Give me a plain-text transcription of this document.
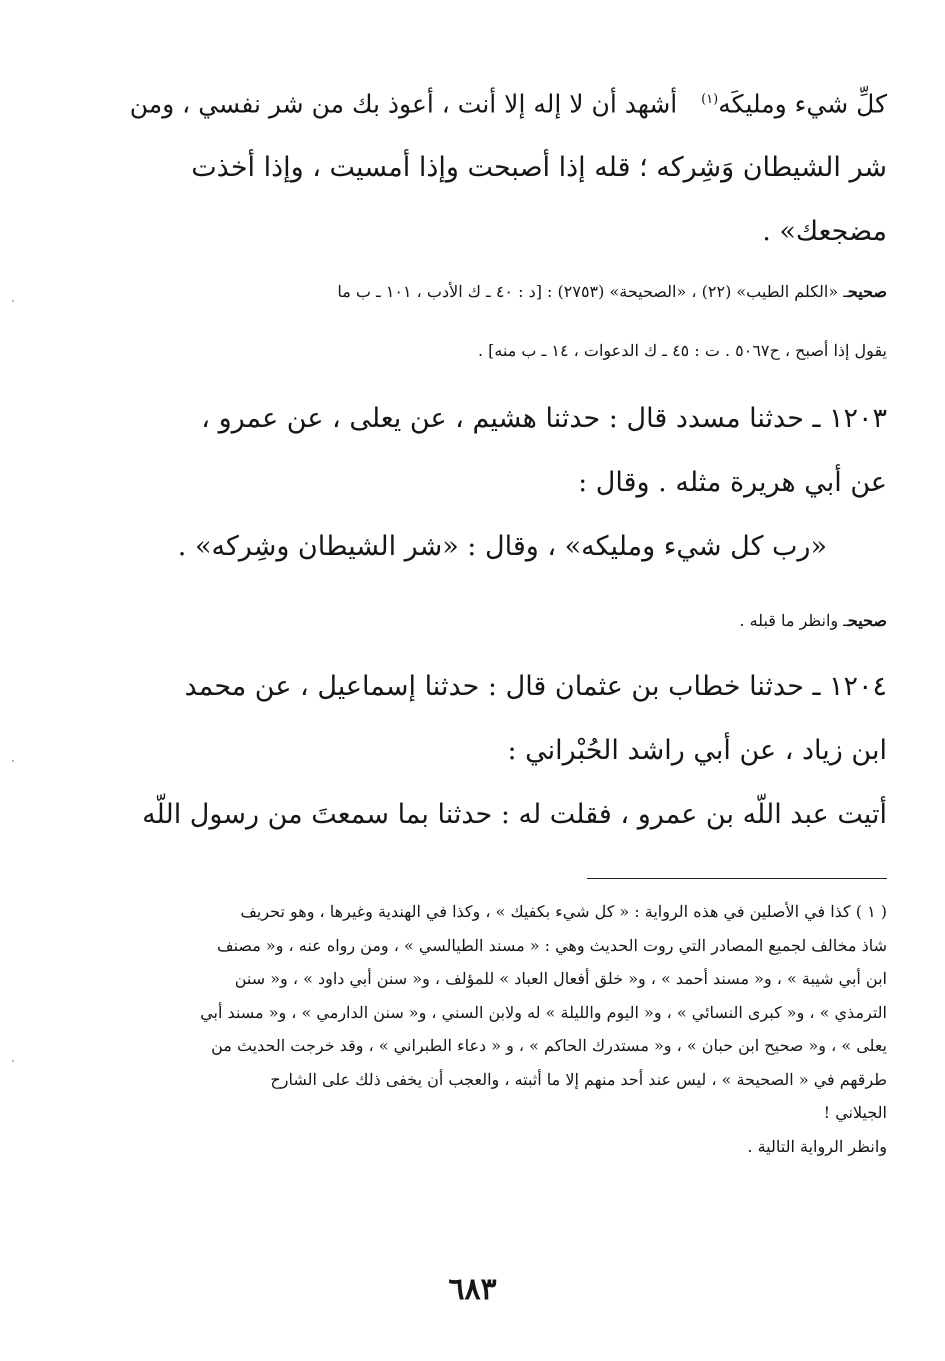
كلِّ شيء ومليكَه$^{(١)}$   أشهد أن لا إله إلا أنت ، أعوذ بك من شر نفسي ، ومن
شر الشيطان وَشِركه ؛ قله إذا أصبحت وإذا أمسيت ، وإذا أخذت
مضجعك» .
صحيحـ «الكلم الطيب» (٢٢) ، «الصحيحة» (٢٧٥٣) : [د : ٤٠ ـ ك الأدب ، ١٠١ ـ ب ما
يقول إذا أصبح ، ح٥٠٦٧ . ت : ٤٥ ـ ك الدعوات ، ١٤ ـ ب منه] .
١٢٠٣ ـ حدثنا مسدد قال : حدثنا هشيم ، عن يعلى ، عن عمرو ،
عن أبي هريرة مثله . وقال :
«رب كل شيء ومليكه» ، وقال : «شر الشيطان وشِركه» .
صحيحـ وانظر ما قبله .
١٢٠٤ ـ حدثنا خطاب بن عثمان قال : حدثنا إسماعيل ، عن محمد
ابن زياد ، عن أبي راشد الحُبْراني :
أتيت عبد اللّه بن عمرو ، فقلت له : حدثنا بما سمعتَ من رسول اللّه
( ١ ) كذا في الأصلين في هذه الرواية : « كل شيء بكفيك » ، وكذا في الهندية وغيرها ، وهو تحريف
شاذ مخالف لجميع المصادر التي روت الحديث وهي : « مسند الطيالسي » ، ومن رواه عنه ، و« مصنف
ابن أبي شيبة » ، و« مسند أحمد » ، و« خلق أفعال العباد » للمؤلف ، و« سنن أبي داود » ، و« سنن
الترمذي » ، و« كبرى النسائي » ، و« اليوم والليلة » له ولابن السني ، و« سنن الدارمي » ، و« مسند أبي
يعلى » ، و« صحيح ابن حبان » ، و« مستدرك الحاكم » ، و « دعاء الطبراني » ، وقد خرجت الحديث من
طرقهم في « الصحيحة » ، ليس عند أحد منهم إلا ما أثبته ، والعجب أن يخفى ذلك على الشارح
الجيلاني !
وانظر الرواية التالية .
٦٨٣
